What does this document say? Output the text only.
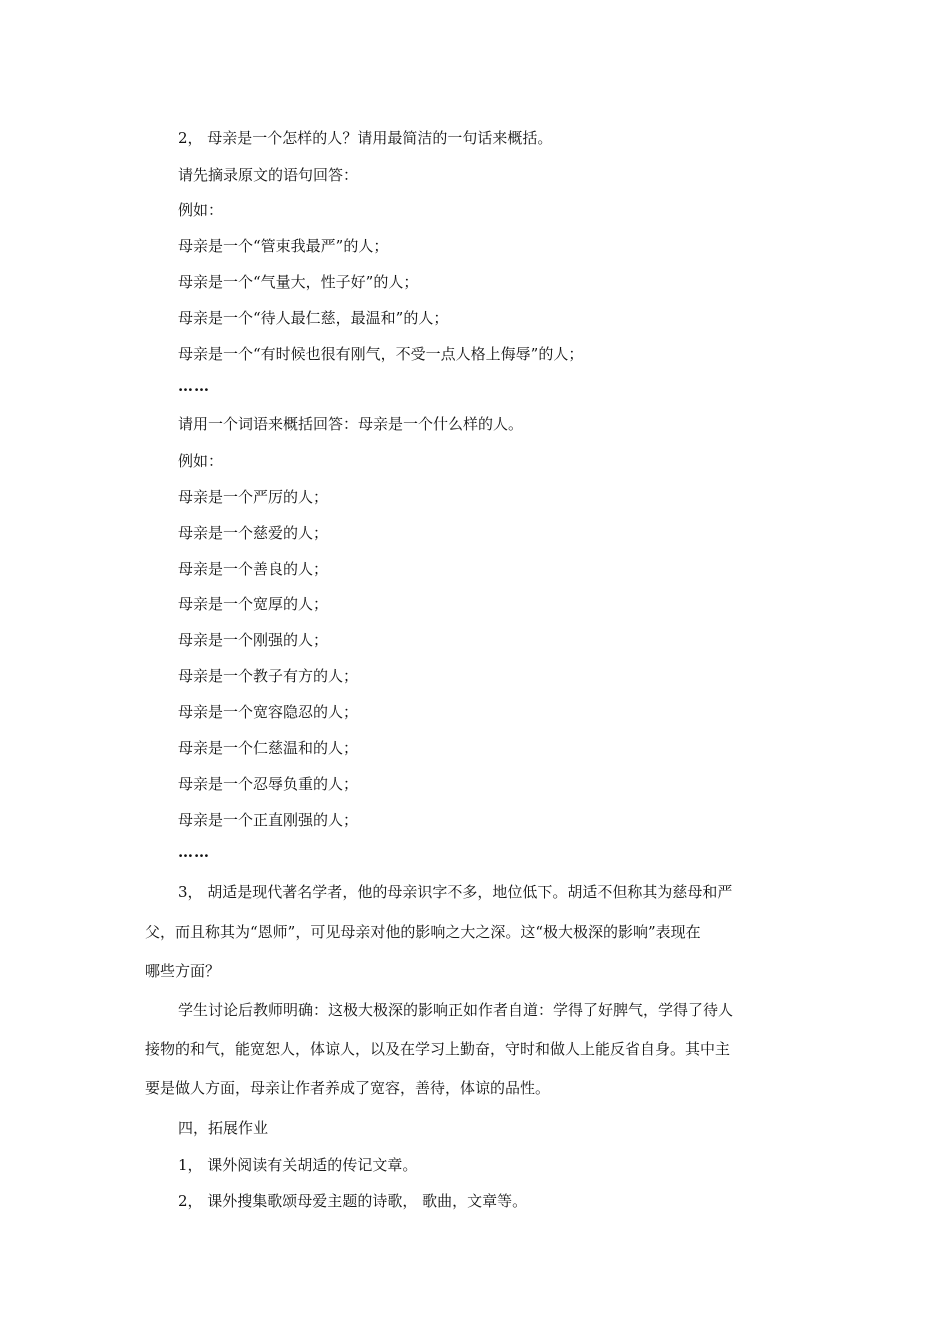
2， 母亲是一个怎样的人？请用最简洁的一句话来概括。
请先摘录原文的语句回答：
例如：
母亲是一个“管束我最严”的人；
母亲是一个“气量大，性子好”的人；
母亲是一个“待人最仁慈，最温和”的人；
母亲是一个“有时候也很有刚气，不受一点人格上侮辱”的人；
……
请用一个词语来概括回答：母亲是一个什么样的人。
例如：
母亲是一个严厉的人；
母亲是一个慈爱的人；
母亲是一个善良的人；
母亲是一个宽厚的人；
母亲是一个刚强的人；
母亲是一个教子有方的人；
母亲是一个宽容隐忍的人；
母亲是一个仁慈温和的人；
母亲是一个忍辱负重的人；
母亲是一个正直刚强的人；
……
3， 胡适是现代著名学者，他的母亲识字不多，地位低下。胡适不但称其为慈母和严
父，而且称其为“恩师”，可见母亲对他的影响之大之深。这“极大极深的影响”表现在
哪些方面？
学生讨论后教师明确：这极大极深的影响正如作者自道：学得了好脾气，学得了待人
接物的和气，能宽恕人，体谅人，以及在学习上勤奋，守时和做人上能反省自身。其中主
要是做人方面，母亲让作者养成了宽容，善待，体谅的品性。
四，拓展作业
1， 课外阅读有关胡适的传记文章。
2， 课外搜集歌颂母爱主题的诗歌， 歌曲，文章等。
